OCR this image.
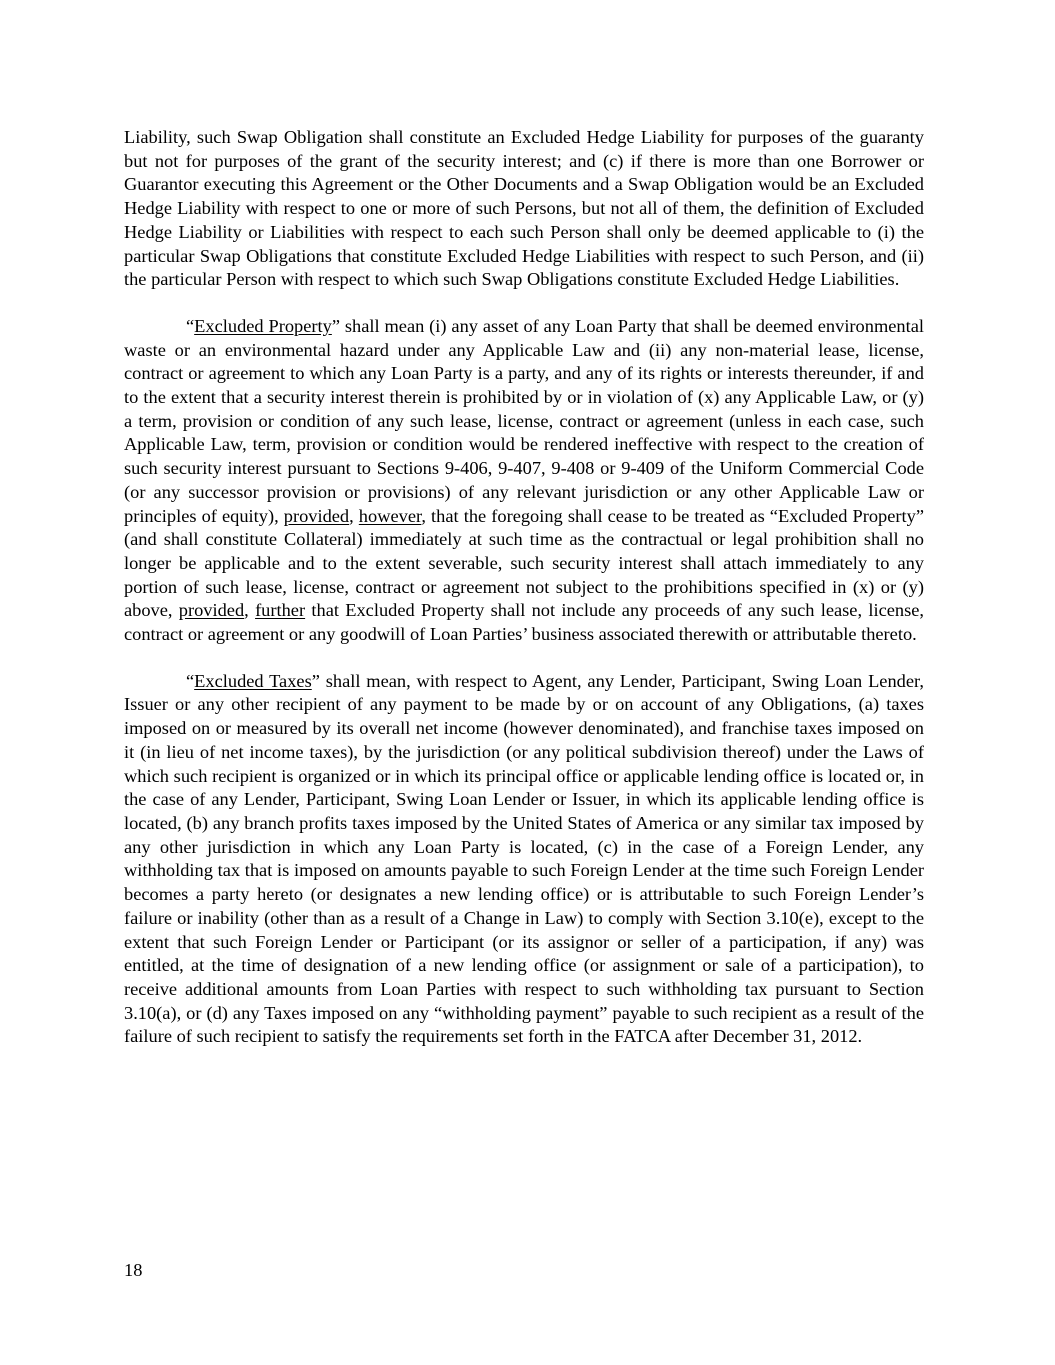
Liability, such Swap Obligation shall constitute an Excluded Hedge Liability for purposes of the guaranty but not for purposes of the grant of the security interest; and (c) if there is more than one Borrower or Guarantor executing this Agreement or the Other Documents and a Swap Obligation would be an Excluded Hedge Liability with respect to one or more of such Persons, but not all of them, the definition of Excluded Hedge Liability or Liabilities with respect to each such Person shall only be deemed applicable to (i) the particular Swap Obligations that constitute Excluded Hedge Liabilities with respect to such Person, and (ii) the particular Person with respect to which such Swap Obligations constitute Excluded Hedge Liabilities.

“Excluded Property” shall mean (i) any asset of any Loan Party that shall be deemed environmental waste or an environmental hazard under any Applicable Law and (ii) any non-material lease, license, contract or agreement to which any Loan Party is a party, and any of its rights or interests thereunder, if and to the extent that a security interest therein is prohibited by or in violation of (x) any Applicable Law, or (y) a term, provision or condition of any such lease, license, contract or agreement (unless in each case, such Applicable Law, term, provision or condition would be rendered ineffective with respect to the creation of such security interest pursuant to Sections 9-406, 9-407, 9-408 or 9-409 of the Uniform Commercial Code (or any successor provision or provisions) of any relevant jurisdiction or any other Applicable Law or principles of equity), provided, however, that the foregoing shall cease to be treated as “Excluded Property” (and shall constitute Collateral) immediately at such time as the contractual or legal prohibition shall no longer be applicable and to the extent severable, such security interest shall attach immediately to any portion of such lease, license, contract or agreement not subject to the prohibitions specified in (x) or (y) above, provided, further that Excluded Property shall not include any proceeds of any such lease, license, contract or agreement or any goodwill of Loan Parties’ business associated therewith or attributable thereto.

“Excluded Taxes” shall mean, with respect to Agent, any Lender, Participant, Swing Loan Lender, Issuer or any other recipient of any payment to be made by or on account of any Obligations, (a) taxes imposed on or measured by its overall net income (however denominated), and franchise taxes imposed on it (in lieu of net income taxes), by the jurisdiction (or any political subdivision thereof) under the Laws of which such recipient is organized or in which its principal office or applicable lending office is located or, in the case of any Lender, Participant, Swing Loan Lender or Issuer, in which its applicable lending office is located, (b) any branch profits taxes imposed by the United States of America or any similar tax imposed by any other jurisdiction in which any Loan Party is located, (c) in the case of a Foreign Lender, any withholding tax that is imposed on amounts payable to such Foreign Lender at the time such Foreign Lender becomes a party hereto (or designates a new lending office) or is attributable to such Foreign Lender’s failure or inability (other than as a result of a Change in Law) to comply with Section 3.10(e), except to the extent that such Foreign Lender or Participant (or its assignor or seller of a participation, if any) was entitled, at the time of designation of a new lending office (or assignment or sale of a participation), to receive additional amounts from Loan Parties with respect to such withholding tax pursuant to Section 3.10(a), or (d) any Taxes imposed on any “withholding payment” payable to such recipient as a result of the failure of such recipient to satisfy the requirements set forth in the FATCA after December 31, 2012.

18
